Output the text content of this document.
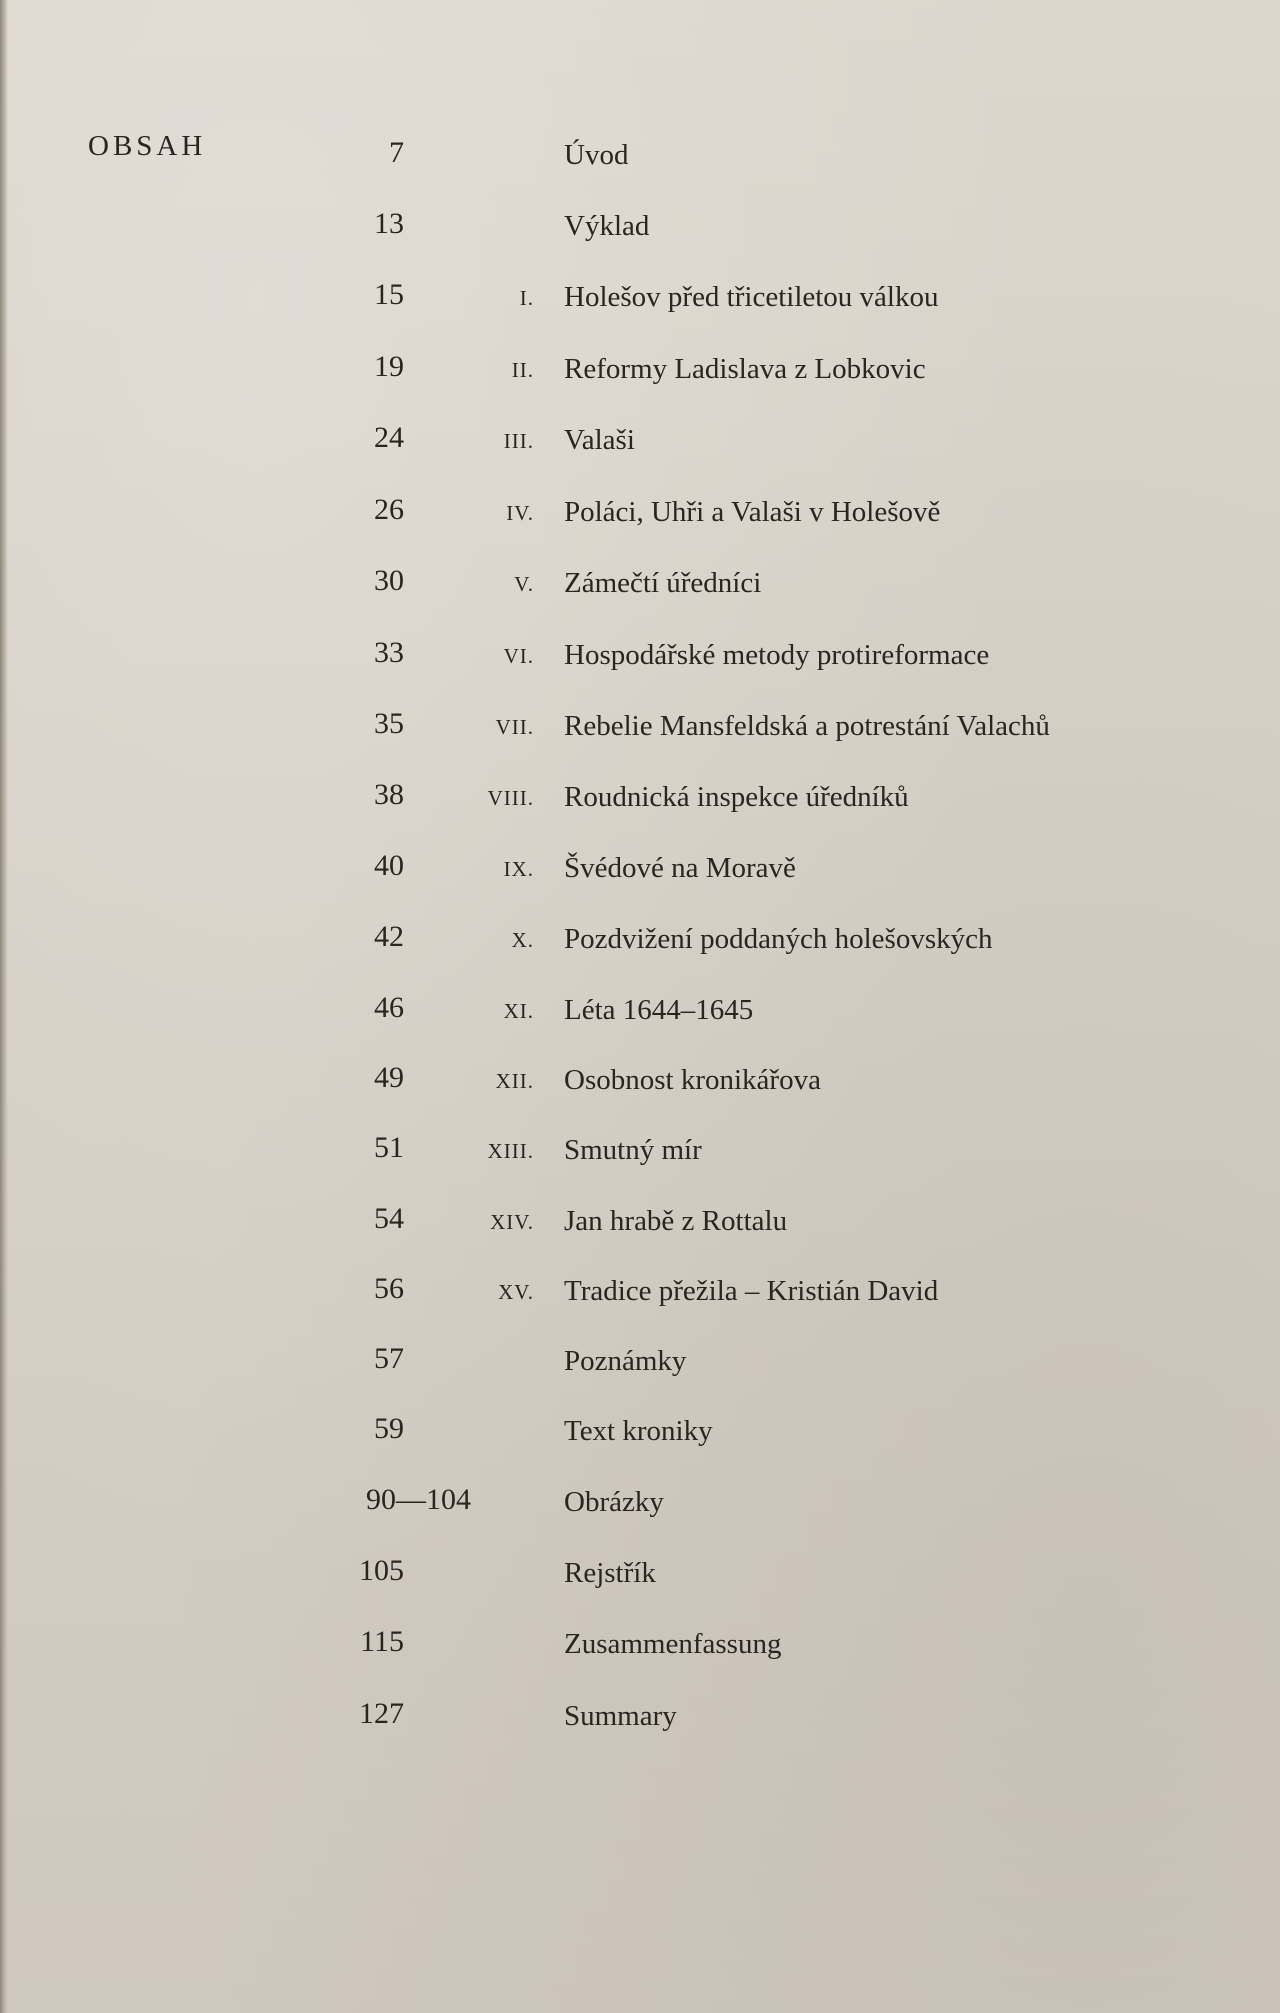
OBSAH	7	Úvod
13	Výklad
15	I. Holešov před třicetiletou válkou
19	II. Reformy Ladislava z Lobkovic
24	III. Valaši
26	IV. Poláci, Uhři a Valaši v Holešově
30	V. Zámečtí úředníci
33	VI. Hospodářské metody protireformace
35	VII. Rebelie Mansfeldská a potrestání Valachů
38	VIII. Roudnická inspekce úředníků
40	IX. Švédové na Moravě
42	X. Pozdvižení poddaných holešovských
46	XI. Léta 1644–1645
49	XII. Osobnost kronikářova
51	XIII. Smutný mír
54	XIV. Jan hrabě z Rottalu
56	XV. Tradice přežila – Kristián David
57	Poznámky
59	Text kroniky
90—104	Obrázky
105	Rejstřík
115	Zusammenfassung
127	Summary
